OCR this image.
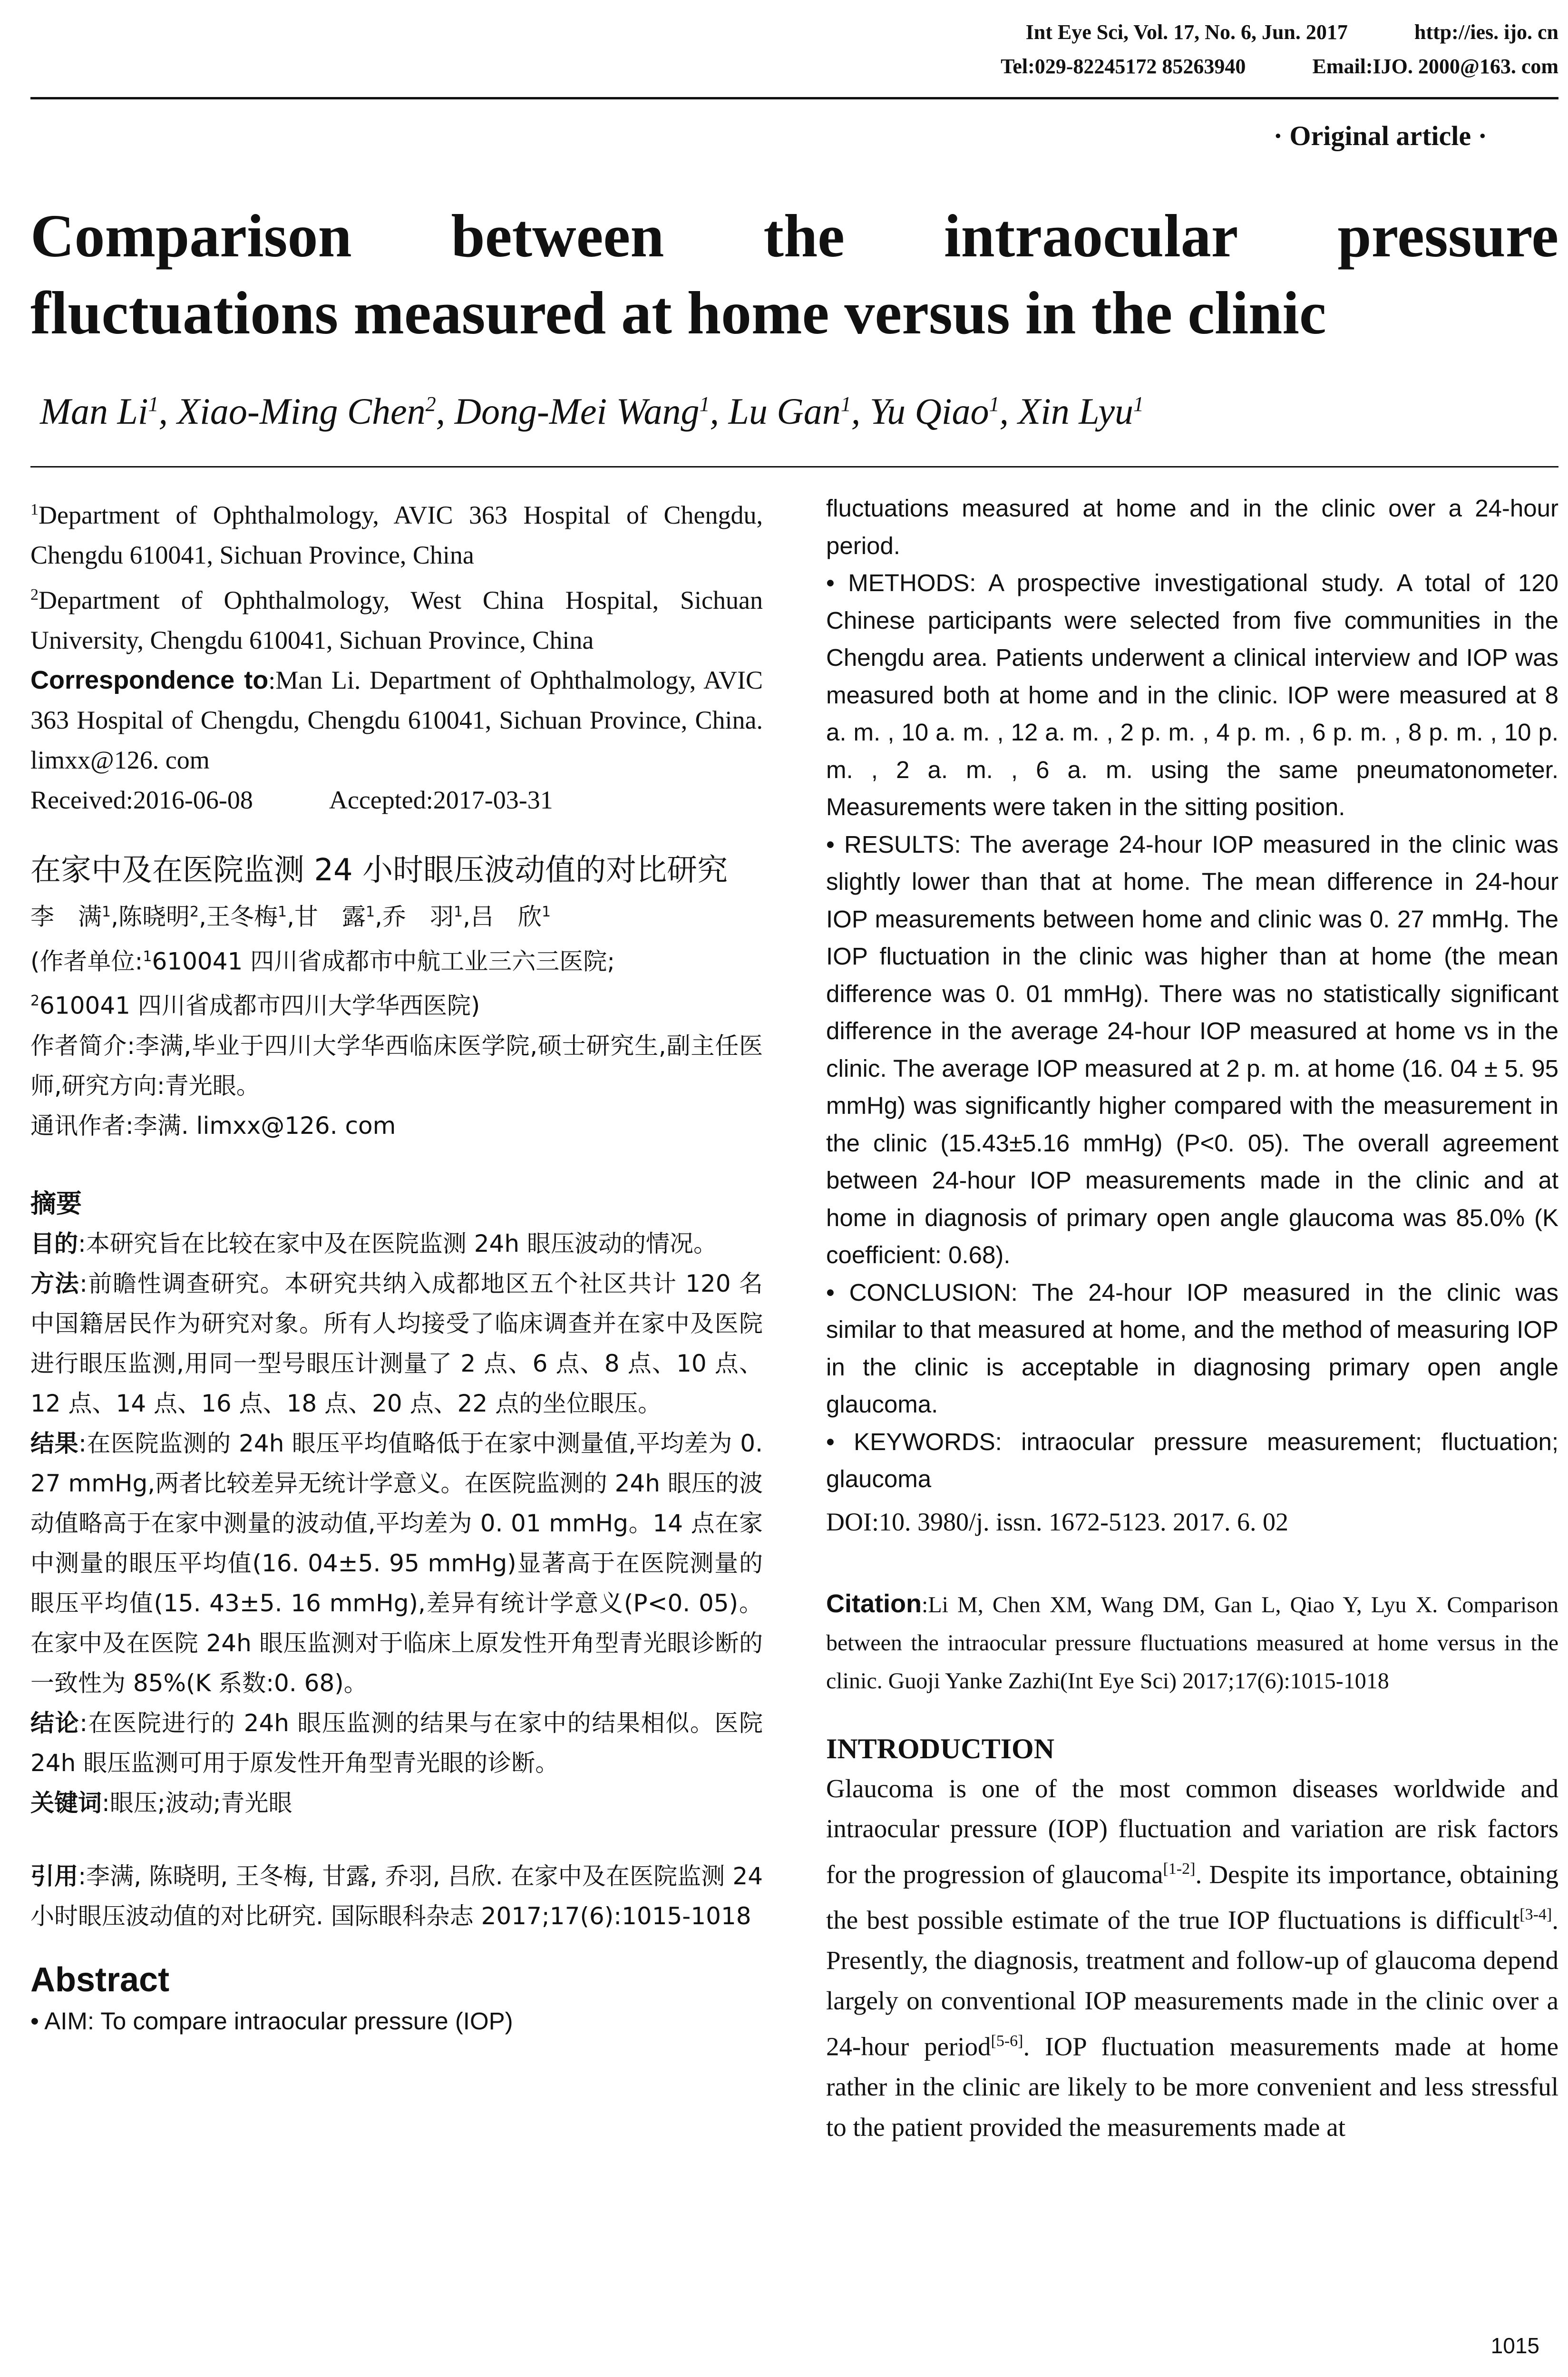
Int Eye Sci, Vol. 17, No. 6, Jun. 2017	http://ies. ijo. cn
Tel:029-82245172 85263940	Email:IJO. 2000@163. com
· Original article ·
Comparison between the intraocular pressure
fluctuations measured at home versus in the clinic
Man Li$^1$, Xiao-Ming Chen$^2$, Dong-Mei Wang$^1$, Lu Gan$^1$, Yu Qiao$^1$, Xin Lyu$^1$

$^1$Department of Ophthalmology, AVIC 363 Hospital of Chengdu, Chengdu 610041, Sichuan Province, China

$^2$Department of Ophthalmology, West China Hospital, Sichuan University, Chengdu 610041, Sichuan Province, China

Correspondence to:Man Li. Department of Ophthalmology, AVIC 363 Hospital of Chengdu, Chengdu 610041, Sichuan Province, China. limxx@126. com

Received:2016-06-08	Accepted:2017-03-31
在家中及在医院监测 24 小时眼压波动值的对比研究

李　满$^1$,陈晓明$^2$,王冬梅$^1$,甘　露$^1$,乔　羽$^1$,吕　欣$^1$

(作者单位:$^1$610041 四川省成都市中航工业三六三医院;
$^2$610041 四川省成都市四川大学华西医院)

作者简介:李满,毕业于四川大学华西临床医学院,硕士研究生,副主任医师,研究方向:青光眼。

通讯作者:李满. limxx@126. com

摘要

目的:本研究旨在比较在家中及在医院监测 24h 眼压波动的情况。

方法:前瞻性调查研究。本研究共纳入成都地区五个社区共计 120 名中国籍居民作为研究对象。所有人均接受了临床调查并在家中及医院进行眼压监测,用同一型号眼压计测量了 2 点、6 点、8 点、10 点、12 点、14 点、16 点、18 点、20 点、22 点的坐位眼压。

结果:在医院监测的 24h 眼压平均值略低于在家中测量值,平均差为 0. 27 mmHg,两者比较差异无统计学意义。在医院监测的 24h 眼压的波动值略高于在家中测量的波动值,平均差为 0. 01 mmHg。14 点在家中测量的眼压平均值(16. 04±5. 95 mmHg)显著高于在医院测量的眼压平均值(15. 43±5. 16 mmHg),差异有统计学意义(P<0. 05)。在家中及在医院 24h 眼压监测对于临床上原发性开角型青光眼诊断的一致性为 85%(K 系数:0. 68)。

结论:在医院进行的 24h 眼压监测的结果与在家中的结果相似。医院 24h 眼压监测可用于原发性开角型青光眼的诊断。

关键词:眼压;波动;青光眼

引用:李满, 陈晓明, 王冬梅, 甘露, 乔羽, 吕欣. 在家中及在医院监测 24 小时眼压波动值的对比研究. 国际眼科杂志 2017;17(6):1015-1018

Abstract

• AIM: To compare intraocular pressure (IOP)

fluctuations measured at home and in the clinic over a 24-hour period.

• METHODS: A prospective investigational study. A total of 120 Chinese participants were selected from five communities in the Chengdu area. Patients underwent a clinical interview and IOP was measured both at home and in the clinic. IOP were measured at 8 a. m. , 10 a. m. , 12 a. m. , 2 p. m. , 4 p. m. , 6 p. m. , 8 p. m. , 10 p. m. , 2 a. m. , 6 a. m. using the same pneumatonometer. Measurements were taken in the sitting position.

• RESULTS: The average 24-hour IOP measured in the clinic was slightly lower than that at home. The mean difference in 24-hour IOP measurements between home and clinic was 0. 27 mmHg. The IOP fluctuation in the clinic was higher than at home (the mean difference was 0. 01 mmHg). There was no statistically significant difference in the average 24-hour IOP measured at home vs in the clinic. The average IOP measured at 2 p. m. at home (16. 04 ± 5. 95 mmHg) was significantly higher compared with the measurement in the clinic (15.43±5.16 mmHg) (P<0. 05). The overall agreement between 24-hour IOP measurements made in the clinic and at home in diagnosis of primary open angle glaucoma was 85.0% (K coefficient: 0.68).

• CONCLUSION: The 24-hour IOP measured in the clinic was similar to that measured at home, and the method of measuring IOP in the clinic is acceptable in diagnosing primary open angle glaucoma.

• KEYWORDS: intraocular pressure measurement; fluctuation; glaucoma

DOI:10. 3980/j. issn. 1672-5123. 2017. 6. 02
Citation:Li M, Chen XM, Wang DM, Gan L, Qiao Y, Lyu X. Comparison between the intraocular pressure fluctuations measured at home versus in the clinic. Guoji Yanke Zazhi(Int Eye Sci) 2017;17(6):1015-1018
INTRODUCTION

Glaucoma is one of the most common diseases worldwide and intraocular pressure (IOP) fluctuation and variation are risk factors for the progression of glaucoma[1-2]. Despite its importance, obtaining the best possible estimate of the true IOP fluctuations is difficult[3-4]. Presently, the diagnosis, treatment and follow-up of glaucoma depend largely on conventional IOP measurements made in the clinic over a 24-hour period[5-6]. IOP fluctuation measurements made at home rather in the clinic are likely to be more convenient and less stressful to the patient provided the measurements made at

1015
